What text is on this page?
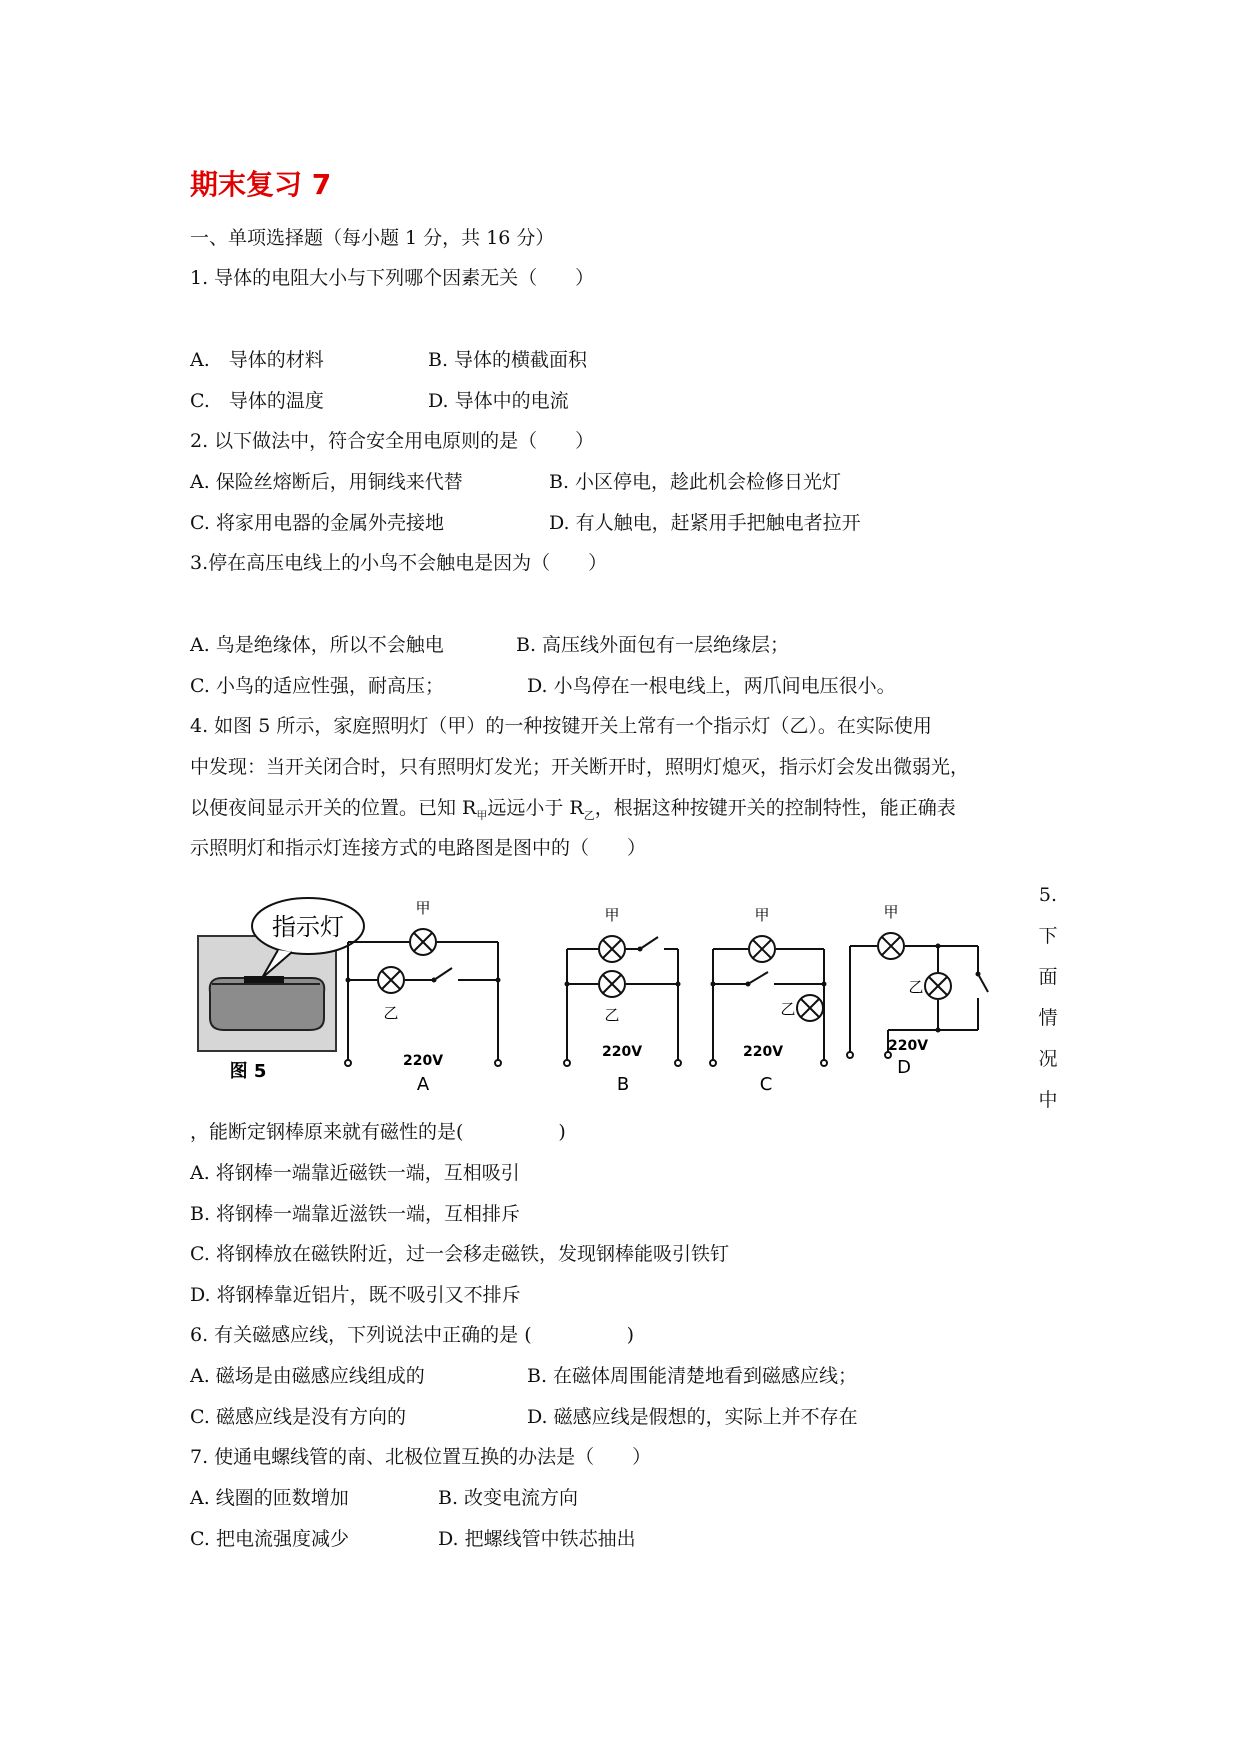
期末复习 7
一、单项选择题（每小题 1 分，共 16 分）
1. 导体的电阻大小与下列哪个因素无关（　　）
A.　导体的材料	B. 导体的横截面积
C.　导体的温度	D. 导体中的电流
2. 以下做法中，符合安全用电原则的是（　　）
A. 保险丝熔断后，用铜线来代替	B. 小区停电，趁此机会检修日光灯
C. 将家用电器的金属外壳接地	D. 有人触电，赶紧用手把触电者拉开
3.停在高压电线上的小鸟不会触电是因为（　　）
A. 鸟是绝缘体，所以不会触电	B. 高压线外面包有一层绝缘层；
C. 小鸟的适应性强，耐高压；	D. 小鸟停在一根电线上，两爪间电压很小。
4. 如图 5 所示，家庭照明灯（甲）的一种按键开关上常有一个指示灯（乙）。在实际使用
中发现：当开关闭合时，只有照明灯发光；开关断开时，照明灯熄灭，指示灯会发出微弱光，
以便夜间显示开关的位置。已知 $R_甲$远远小于 $R_乙$，根据这种按键开关的控制特性，能正确表
示照明灯和指示灯连接方式的电路图是图中的（　　）
5. 下面情况中
指示灯
图 5
甲
乙
220V
A
甲
乙
220V
B
甲
乙
220V
C
甲
乙
220V
D
，能断定钢棒原来就有磁性的是(　　　　　)
A. 将钢棒一端靠近磁铁一端，互相吸引
B. 将钢棒一端靠近滋铁一端，互相排斥
C. 将钢棒放在磁铁附近，过一会移走磁铁，发现钢棒能吸引铁钉
D. 将钢棒靠近铝片，既不吸引又不排斥
6. 有关磁感应线，下列说法中正确的是 (　　　　　)
A. 磁场是由磁感应线组成的	B. 在磁体周围能清楚地看到磁感应线；
C. 磁感应线是没有方向的	D. 磁感应线是假想的，实际上并不存在
7. 使通电螺线管的南、北极位置互换的办法是（　　）
A. 线圈的匝数增加	B. 改变电流方向
C. 把电流强度减少	D. 把螺线管中铁芯抽出
